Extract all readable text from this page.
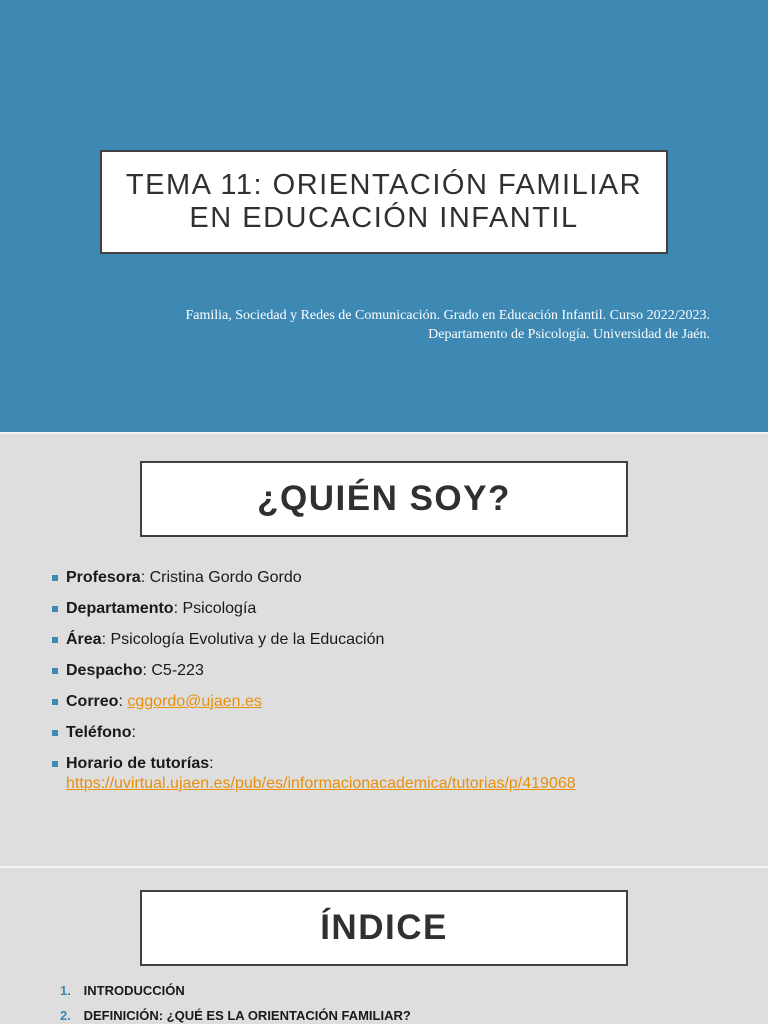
TEMA 11: ORIENTACIÓN FAMILIAR
EN EDUCACIÓN INFANTIL
Familia, Sociedad y Redes de Comunicación. Grado en Educación Infantil. Curso 2022/2023.
Departamento de Psicología. Universidad de Jaén.
¿QUIÉN SOY?
Profesora: Cristina Gordo Gordo
Departamento: Psicología
Área: Psicología Evolutiva y de la Educación
Despacho: C5-223
Correo: cggordo@ujaen.es
Teléfono:
Horario de tutorías:
https://uvirtual.ujaen.es/pub/es/informacionacademica/tutorias/p/419068
ÍNDICE
1. INTRODUCCIÓN
2. DEFINICIÓN: ¿QUÉ ES LA ORIENTACIÓN FAMILIAR?
